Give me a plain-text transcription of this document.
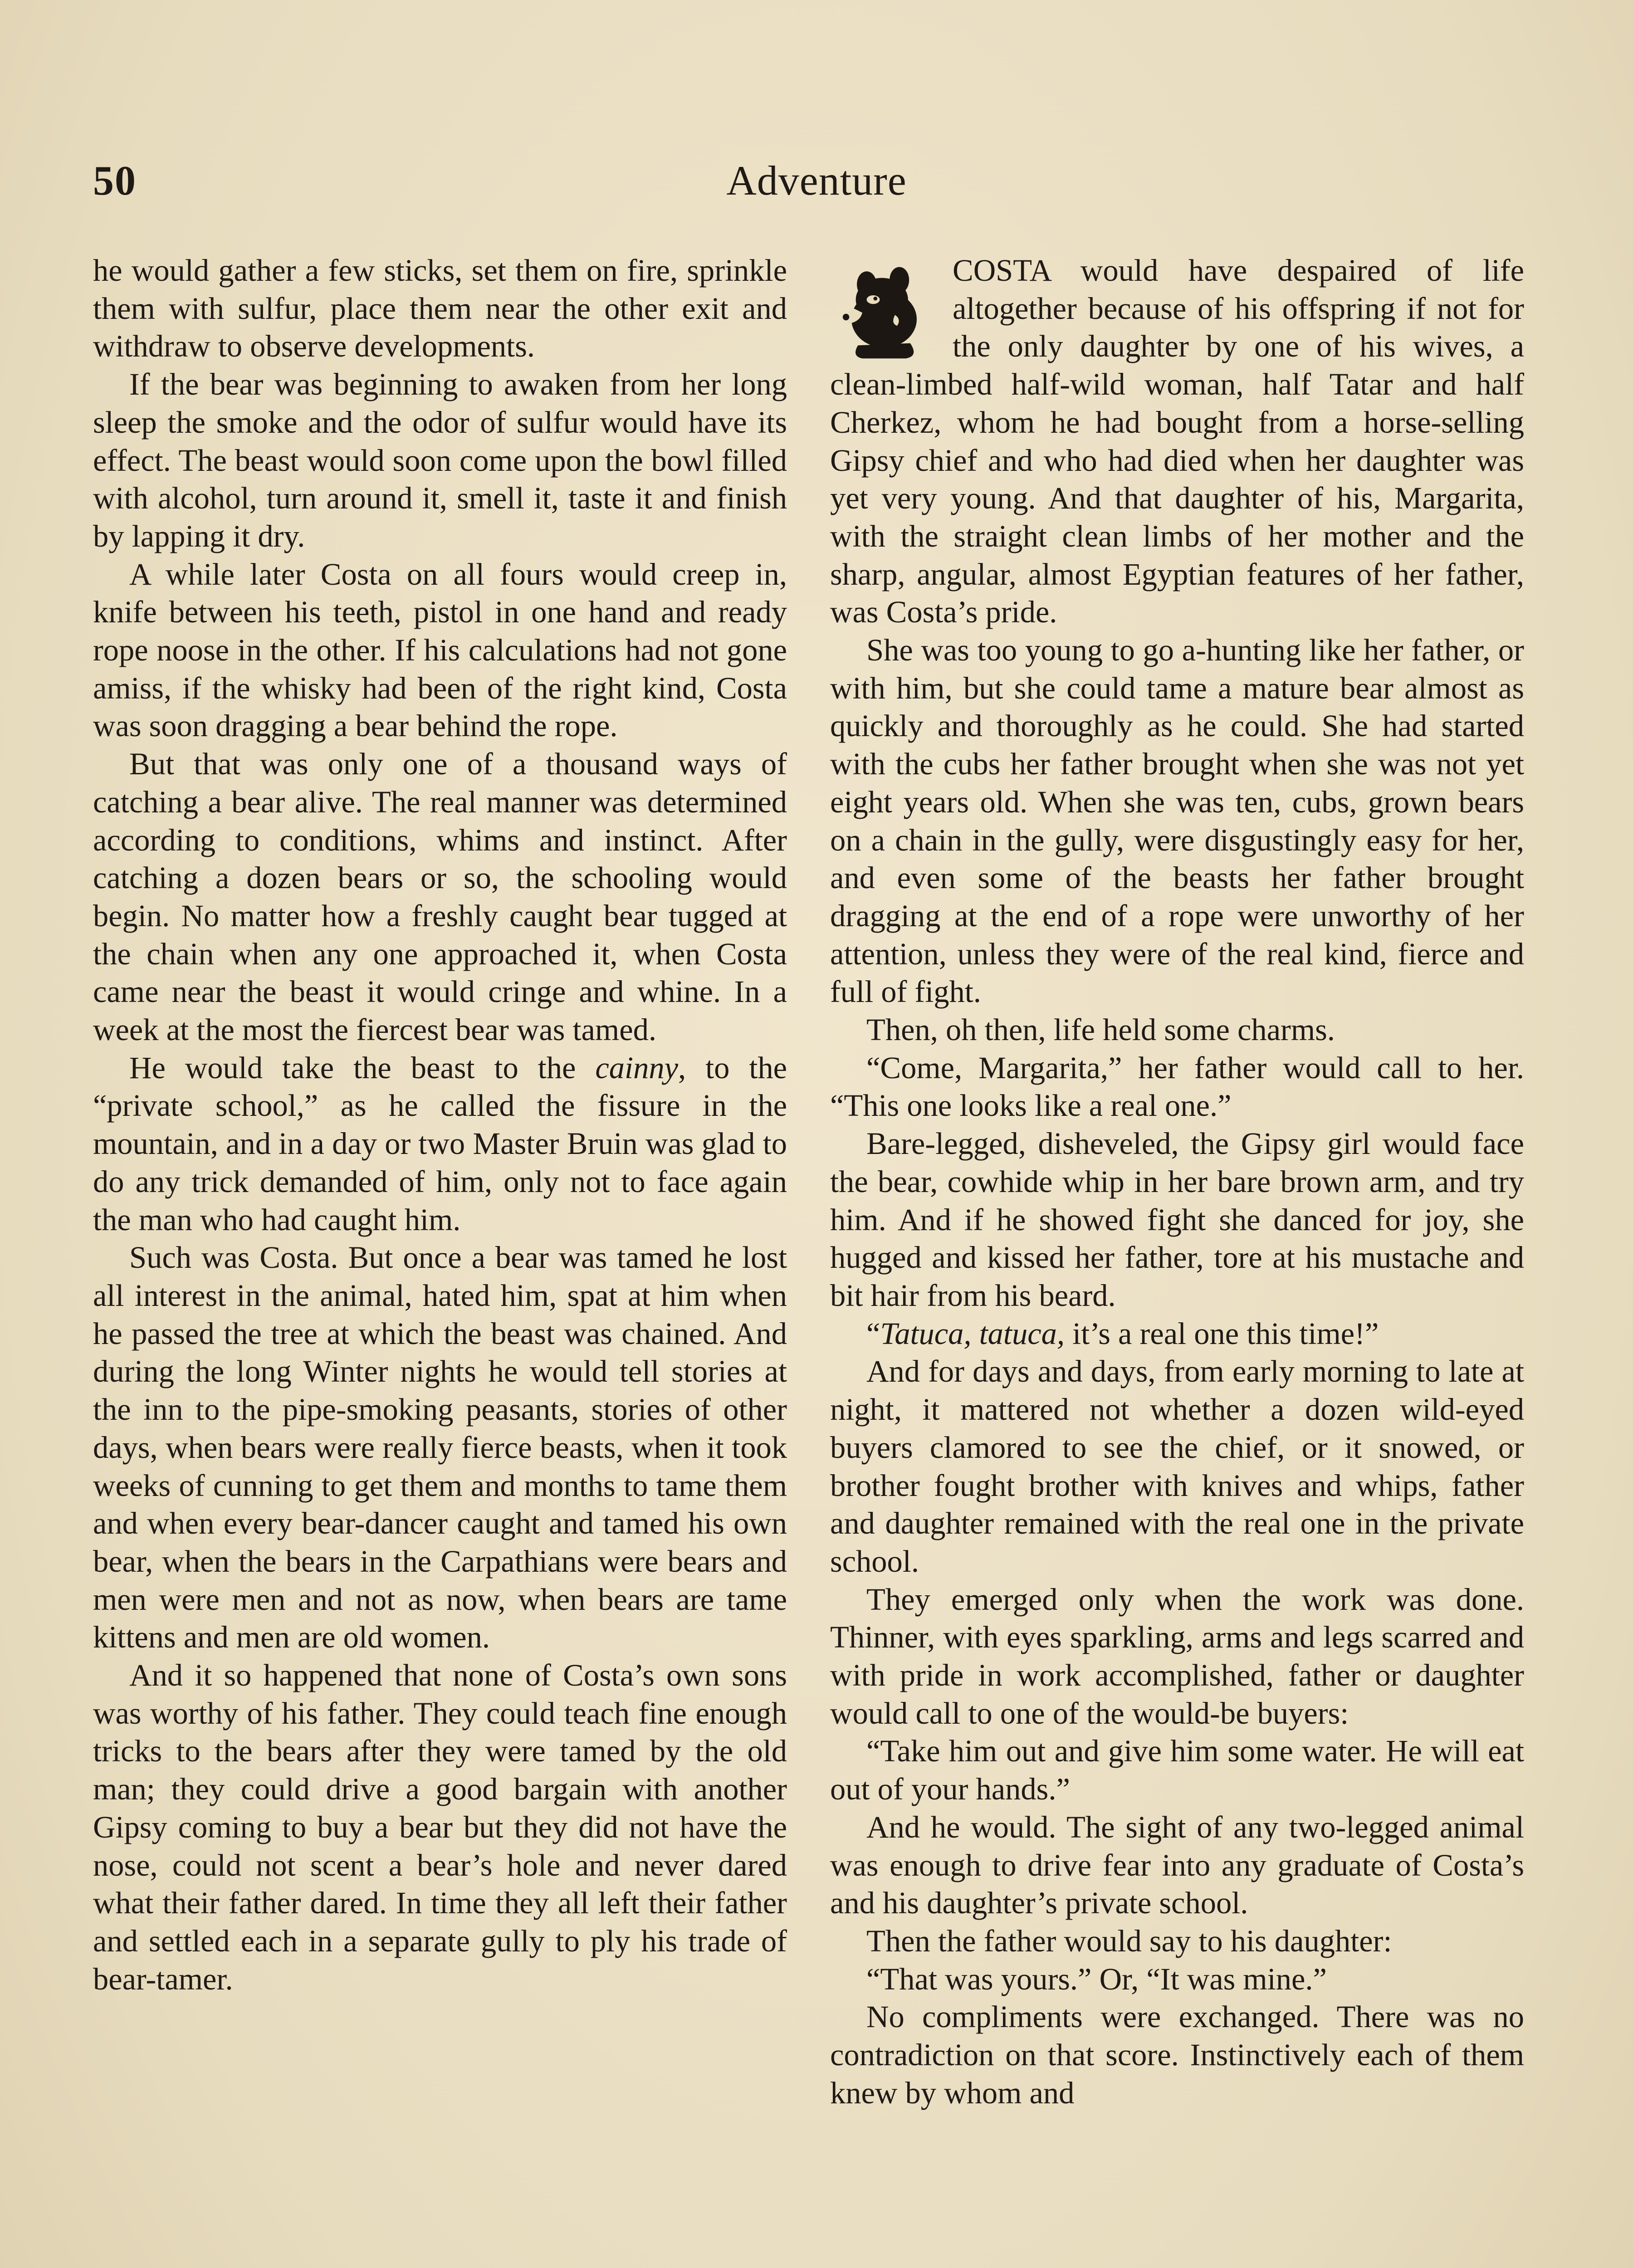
50	Adventure

he would gather a few sticks, set them on fire, sprinkle them with sulfur, place them near the other exit and withdraw to observe developments.

If the bear was beginning to awaken from her long sleep the smoke and the odor of sulfur would have its effect. The beast would soon come upon the bowl filled with alcohol, turn around it, smell it, taste it and finish by lapping it dry.

A while later Costa on all fours would creep in, knife between his teeth, pistol in one hand and ready rope noose in the other. If his calculations had not gone amiss, if the whisky had been of the right kind, Costa was soon dragging a bear behind the rope.

But that was only one of a thousand ways of catching a bear alive. The real manner was determined according to conditions, whims and instinct. After catching a dozen bears or so, the schooling would begin. No matter how a freshly caught bear tugged at the chain when any one approached it, when Costa came near the beast it would cringe and whine. In a week at the most the fiercest bear was tamed.

He would take the beast to the cainny, to the “private school,” as he called the fissure in the mountain, and in a day or two Master Bruin was glad to do any trick demanded of him, only not to face again the man who had caught him.

Such was Costa. But once a bear was tamed he lost all interest in the animal, hated him, spat at him when he passed the tree at which the beast was chained. And during the long Winter nights he would tell stories at the inn to the pipe-smoking peasants, stories of other days, when bears were really fierce beasts, when it took weeks of cunning to get them and months to tame them and when every bear-dancer caught and tamed his own bear, when the bears in the Carpathians were bears and men were men and not as now, when bears are tame kittens and men are old women.

And it so happened that none of Costa’s own sons was worthy of his father. They could teach fine enough tricks to the bears after they were tamed by the old man; they could drive a good bargain with another Gipsy coming to buy a bear but they did not have the nose, could not scent a bear’s hole and never dared what their father dared. In time they all left their father and settled each in a separate gully to ply his trade of bear-tamer.

COSTA would have despaired of life altogether because of his offspring if not for the only daughter by one of his wives, a clean-limbed half-wild woman, half Tatar and half Cherkez, whom he had bought from a horse-selling Gipsy chief and who had died when her daughter was yet very young. And that daughter of his, Margarita, with the straight clean limbs of her mother and the sharp, angular, almost Egyptian features of her father, was Costa’s pride.

She was too young to go a-hunting like her father, or with him, but she could tame a mature bear almost as quickly and thoroughly as he could. She had started with the cubs her father brought when she was not yet eight years old. When she was ten, cubs, grown bears on a chain in the gully, were disgustingly easy for her, and even some of the beasts her father brought dragging at the end of a rope were unworthy of her attention, unless they were of the real kind, fierce and full of fight.

Then, oh then, life held some charms.

“Come, Margarita,” her father would call to her. “This one looks like a real one.”

Bare-legged, disheveled, the Gipsy girl would face the bear, cowhide whip in her bare brown arm, and try him. And if he showed fight she danced for joy, she hugged and kissed her father, tore at his mustache and bit hair from his beard.

“Tatuca, tatuca, it’s a real one this time!”

And for days and days, from early morning to late at night, it mattered not whether a dozen wild-eyed buyers clamored to see the chief, or it snowed, or brother fought brother with knives and whips, father and daughter remained with the real one in the private school.

They emerged only when the work was done. Thinner, with eyes sparkling, arms and legs scarred and with pride in work accomplished, father or daughter would call to one of the would-be buyers:

“Take him out and give him some water. He will eat out of your hands.”

And he would. The sight of any two-legged animal was enough to drive fear into any graduate of Costa’s and his daughter’s private school.

Then the father would say to his daughter:

“That was yours.” Or, “It was mine.”

No compliments were exchanged. There was no contradiction on that score. Instinctively each of them knew by whom and
